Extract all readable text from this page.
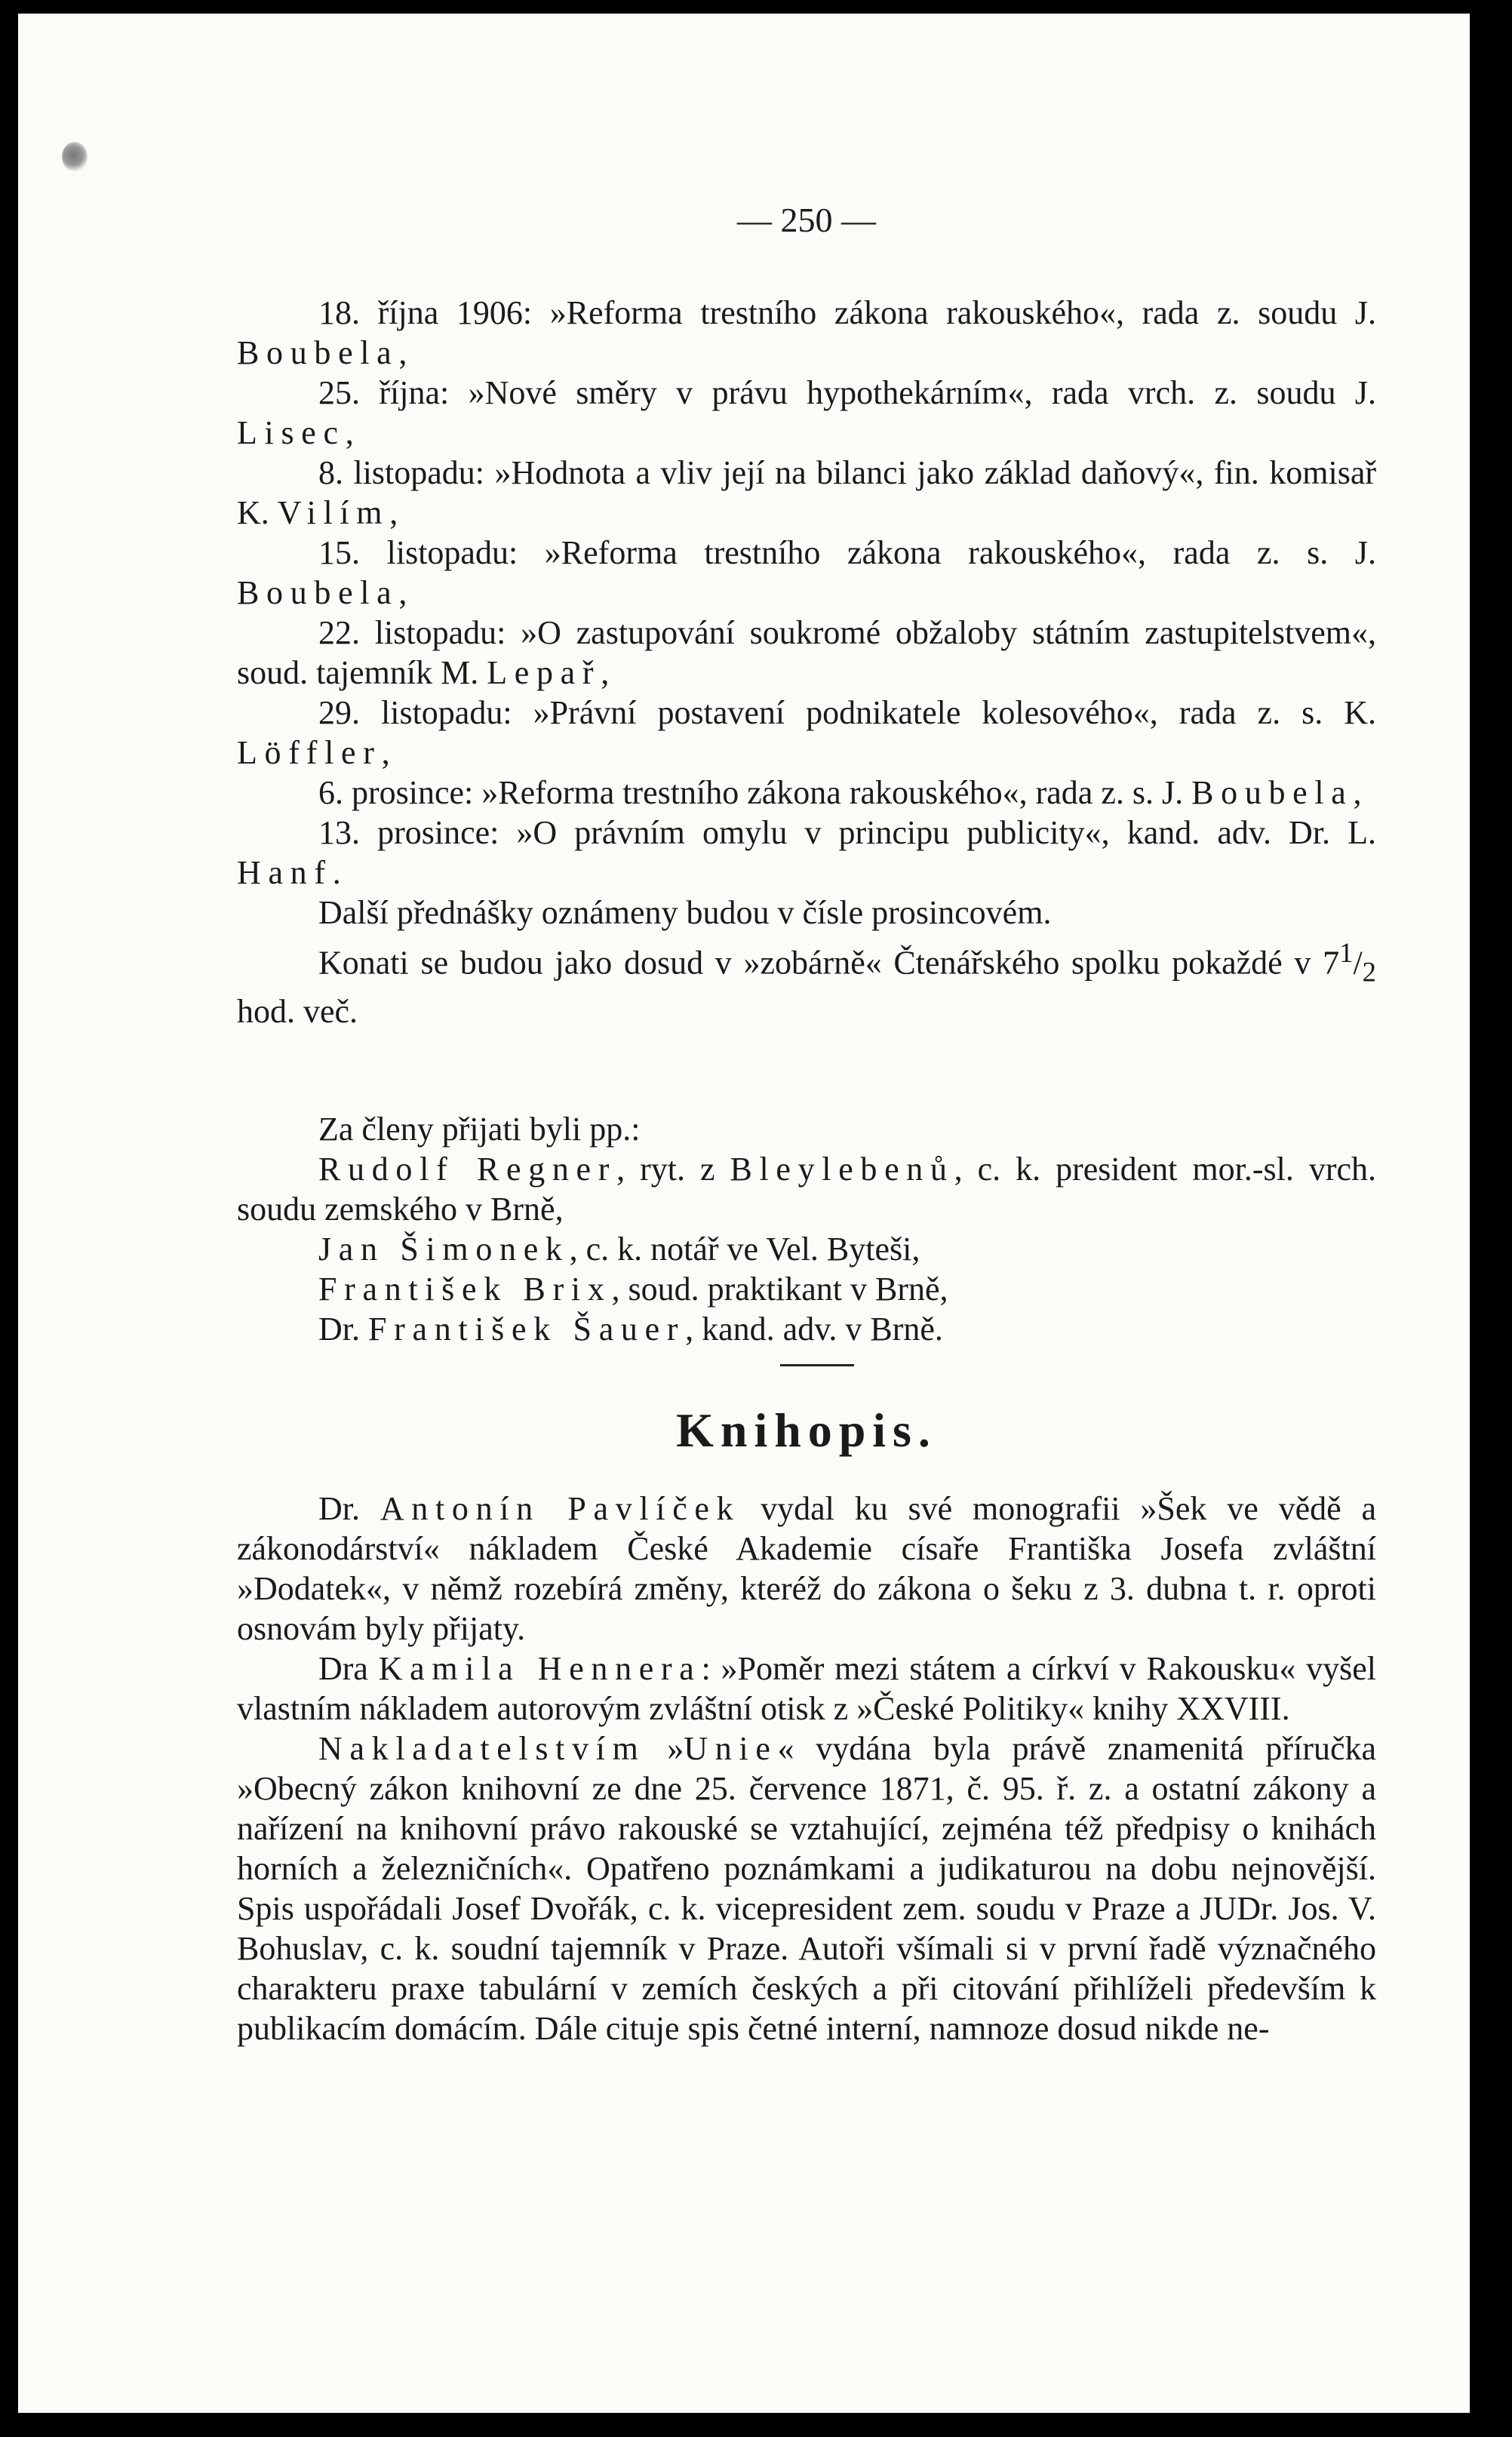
— 250 —

18. října 1906: »Reforma trestního zákona rakouského«, rada z. soudu J. Boubela,

25. října: »Nové směry v právu hypothekárním«, rada vrch. z. soudu J. Lisec,

8. listopadu: »Hodnota a vliv její na bilanci jako základ daňový«, fin. komisař K. Vilím,

15. listopadu: »Reforma trestního zákona rakouského«, rada z. s. J. Boubela,

22. listopadu: »O zastupování soukromé obžaloby státním zastupitelstvem«, soud. tajemník M. Lepař,

29. listopadu: »Právní postavení podnikatele kolesového«, rada z. s. K. Löffler,

6. prosince: »Reforma trestního zákona rakouského«, rada z. s. J. Boubela,

13. prosince: »O právním omylu v principu publicity«, kand. adv. Dr. L. Hanf.

Další přednášky oznámeny budou v čísle prosincovém.

Konati se budou jako dosud v »zobárně« Čtenářského spolku pokaždé v $7^1/_2$ hod. več.

Za členy přijati byli pp.:

Rudolf Regner, ryt. z Bleylebenů, c. k. president mor.-sl. vrch. soudu zemského v Brně,

Jan Šimonek, c. k. notář ve Vel. Byteši,

František Brix, soud. praktikant v Brně,

Dr. František Šauer, kand. adv. v Brně.

Knihopis.

Dr. Antonín Pavlíček vydal ku své monografii »Šek ve vědě a zákonodárství« nákladem České Akademie císaře Františka Josefa zvláštní »Dodatek«, v němž rozebírá změny, kteréž do zákona o šeku z 3. dubna t. r. oproti osnovám byly přijaty.

Dra Kamila Hennera: »Poměr mezi státem a církví v Rakousku« vyšel vlastním nákladem autorovým zvláštní otisk z »České Politiky« knihy XXVIII.

Nakladatelstvím »Unie« vydána byla právě znamenitá příručka »Obecný zákon knihovní ze dne 25. července 1871, č. 95. ř. z. a ostatní zákony a nařízení na knihovní právo rakouské se vztahující, zejména též předpisy o knihách horních a železničních«. Opatřeno poznámkami a judikaturou na dobu nejnovější. Spis uspořádali Josef Dvořák, c. k. vicepresident zem. soudu v Praze a JUDr. Jos. V. Bohuslav, c. k. soudní tajemník v Praze. Autoři všímali si v první řadě význačného charakteru praxe tabulární v zemích českých a při citování přihlíželi především k publikacím domácím. Dále cituje spis četné interní, namnoze dosud nikde ne-
